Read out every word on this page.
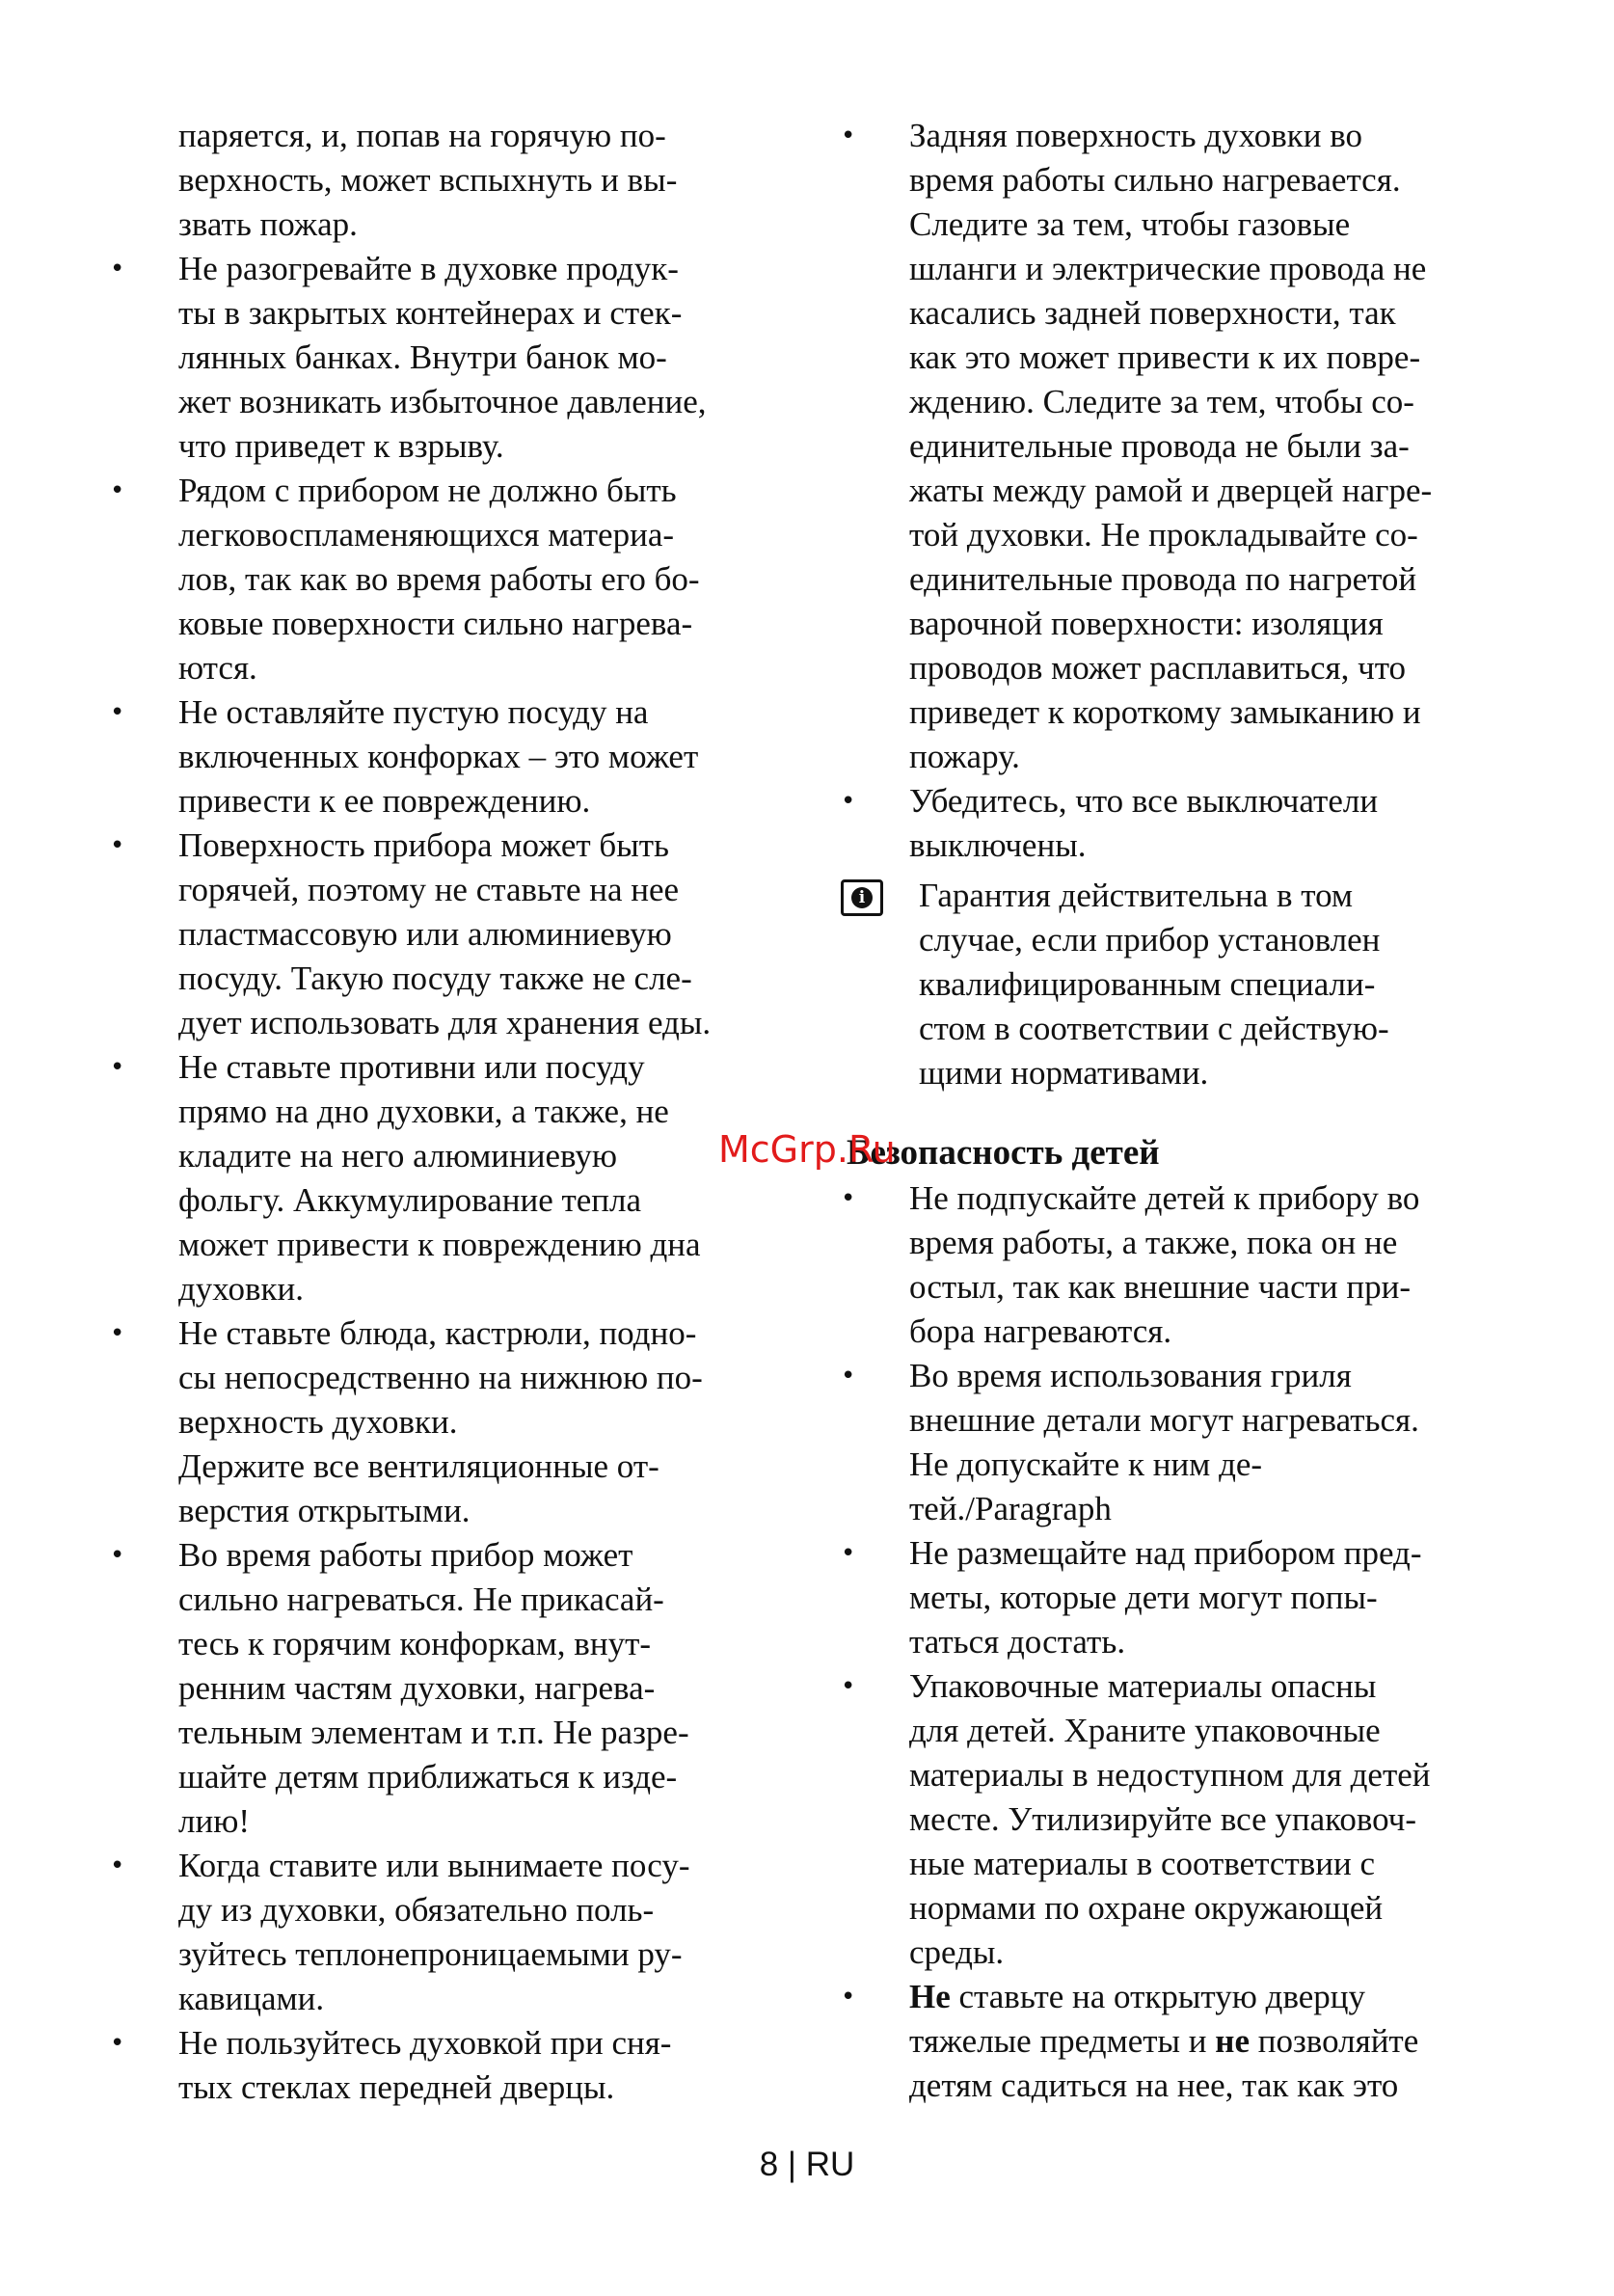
паряется, и, попав на горячую по-
верхность, может вспыхнуть и вы-
звать пожар.
• Не разогревайте в духовке продук-
ты в закрытых контейнерах и стек-
лянных банках. Внутри банок мо-
жет возникать избыточное давление,
что приведет к взрыву.
• Рядом с прибором не должно быть
легковоспламеняющихся материа-
лов, так как во время работы его бо-
ковые поверхности сильно нагрева-
ются.
• Не оставляйте пустую посуду на
включенных конфорках – это может
привести к ее повреждению.
• Поверхность прибора может быть
горячей, поэтому не ставьте на нее
пластмассовую или алюминиевую
посуду. Такую посуду также не сле-
дует использовать для хранения еды.
• Не ставьте противни или посуду
прямо на дно духовки, а также, не
кладите на него алюминиевую
фольгу. Аккумулирование тепла
может привести к повреждению дна
духовки.
• Не ставьте блюда, кастрюли, подно-
сы непосредственно на нижнюю по-
верхность духовки.
Держите все вентиляционные от-
верстия открытыми.
• Во время работы прибор может
сильно нагреваться. Не прикасай-
тесь к горячим конфоркам, внут-
ренним частям духовки, нагрева-
тельным элементам и т.п. Не разре-
шайте детям приближаться к изде-
лию!
• Когда ставите или вынимаете посу-
ду из духовки, обязательно поль-
зуйтесь теплонепроницаемыми ру-
кавицами.
• Не пользуйтесь духовкой при сня-
тых стеклах передней дверцы.
• Задняя поверхность духовки во
время работы сильно нагревается.
Следите за тем, чтобы газовые
шланги и электрические провода не
касались задней поверхности, так
как это может привести к их повре-
ждению. Следите за тем, чтобы со-
единительные провода не были за-
жаты между рамой и дверцей нагре-
той духовки. Не прокладывайте со-
единительные провода по нагретой
варочной поверхности: изоляция
проводов может расплавиться, что
приведет к короткому замыканию и
пожару.
• Убедитесь, что все выключатели
выключены.
i Гарантия действительна в том
случае, если прибор установлен
квалифицированным специали-
стом в соответствии с действую-
щими нормативами.
Безопасность детей
• Не подпускайте детей к прибору во
время работы, а также, пока он не
остыл, так как внешние части при-
бора нагреваются.
• Во время использования гриля
внешние детали могут нагреваться.
Не допускайте к ним де-
тей./Paragraph
• Не размещайте над прибором пред-
меты, которые дети могут попы-
таться достать.
• Упаковочные материалы опасны
для детей. Храните упаковочные
материалы в недоступном для детей
месте. Утилизируйте все упаковоч-
ные материалы в соответствии с
нормами по охране окружающей
среды.
• Не ставьте на открытую дверцу
тяжелые предметы и не позволяйте
детям садиться на нее, так как это
McGrp.Ru
8 | RU
